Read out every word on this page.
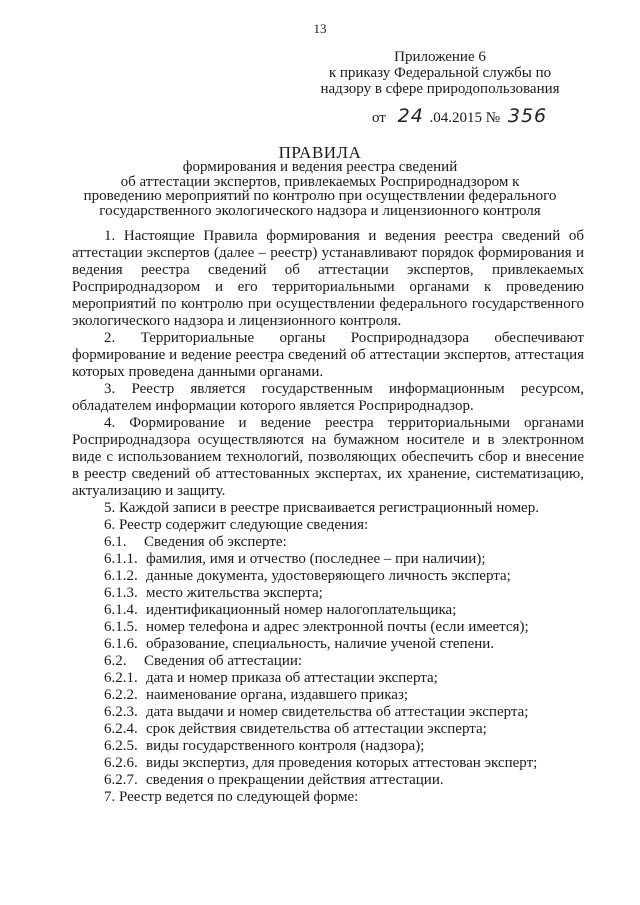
13
Приложение 6
к приказу Федеральной службы по
надзору в сфере природопользования
от 24 .04.2015 № 356
ПРАВИЛА
формирования и ведения реестра сведений
об аттестации экспертов, привлекаемых Росприроднадзором к
проведению мероприятий по контролю при осуществлении федерального
государственного экологического надзора и лицензионного контроля

1. Настоящие Правила формирования и ведения реестра сведений об аттестации экспертов (далее – реестр) устанавливают порядок формирования и ведения реестра сведений об аттестации экспертов, привлекаемых Росприроднадзором и его территориальными органами к проведению мероприятий по контролю при осуществлении федерального государственного экологического надзора и лицензионного контроля.

2. Территориальные органы Росприроднадзора обеспечивают формирование и ведение реестра сведений об аттестации экспертов, аттестация которых проведена данными органами.

3. Реестр является государственным информационным ресурсом, обладателем информации которого является Росприроднадзор.

4. Формирование и ведение реестра территориальными органами Росприроднадзора осуществляются на бумажном носителе и в электронном виде с использованием технологий, позволяющих обеспечить сбор и внесение в реестр сведений об аттестованных экспертах, их хранение, систематизацию, актуализацию и защиту.

5. Каждой записи в реестре присваивается регистрационный номер.

6. Реестр содержит следующие сведения:

6.1. Сведения об эксперте:

6.1.1. фамилия, имя и отчество (последнее – при наличии);

6.1.2. данные документа, удостоверяющего личность эксперта;

6.1.3. место жительства эксперта;

6.1.4. идентификационный номер налогоплательщика;

6.1.5. номер телефона и адрес электронной почты (если имеется);

6.1.6. образование, специальность, наличие ученой степени.

6.2. Сведения об аттестации:

6.2.1. дата и номер приказа об аттестации эксперта;

6.2.2. наименование органа, издавшего приказ;

6.2.3. дата выдачи и номер свидетельства об аттестации эксперта;

6.2.4. срок действия свидетельства об аттестации эксперта;

6.2.5. виды государственного контроля (надзора);

6.2.6. виды экспертиз, для проведения которых аттестован эксперт;

6.2.7. сведения о прекращении действия аттестации.

7. Реестр ведется по следующей форме:
